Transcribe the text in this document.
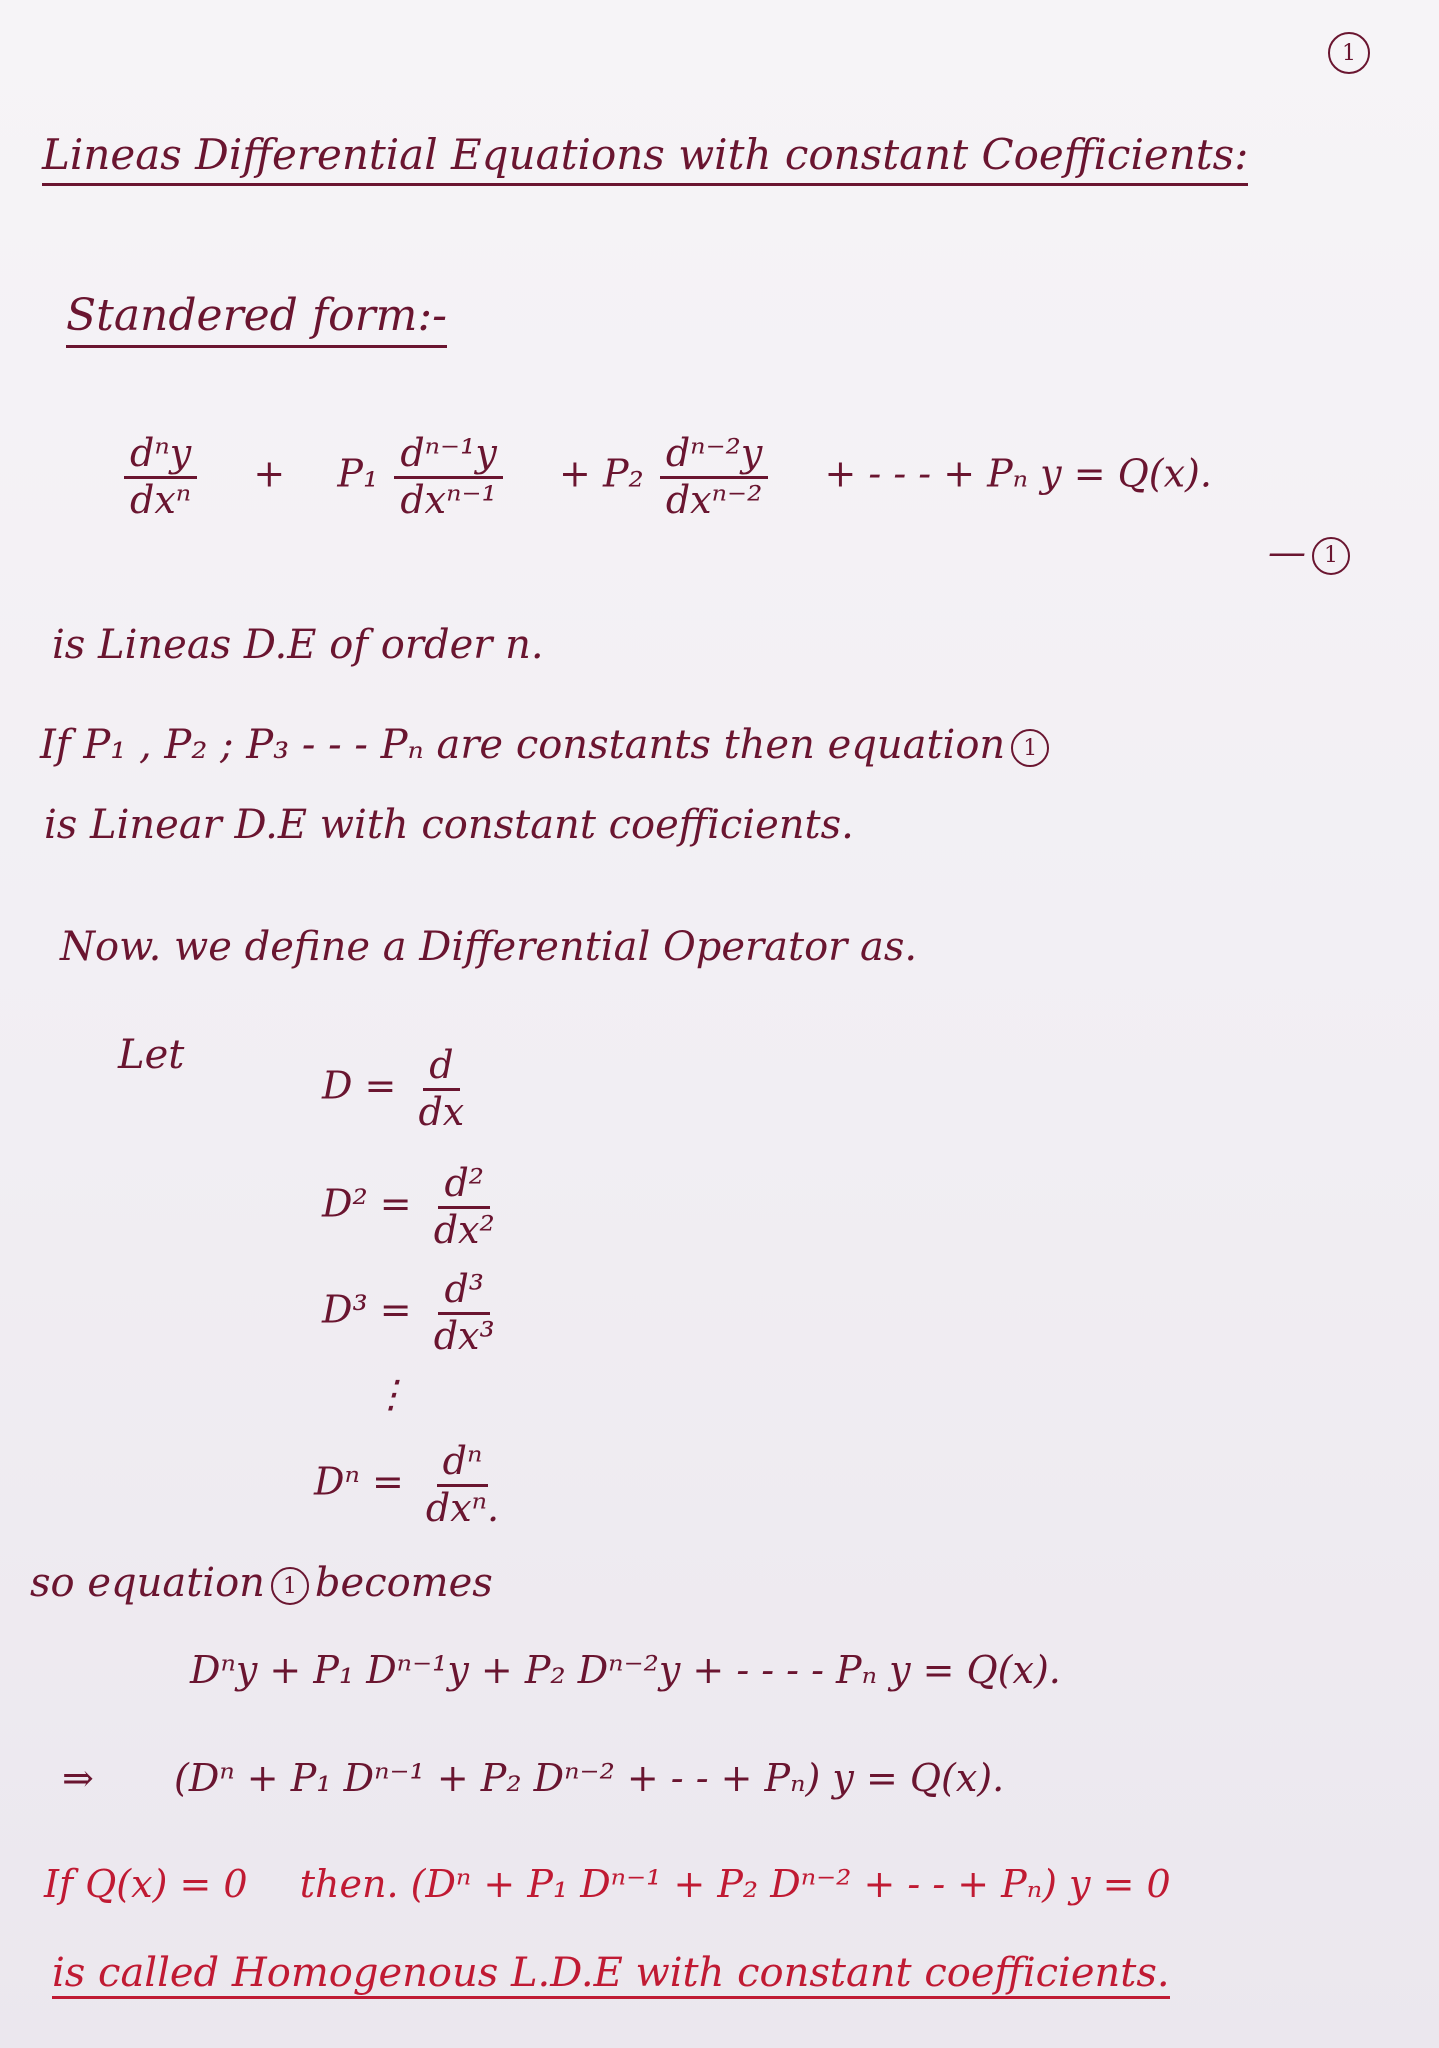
1
Lineas Differential Equations with constant Coefficients:
Standered form:-
$\frac{\text{dⁿy}}{\text{dxⁿ}} + P_1 \frac{\text{dⁿ⁻¹y}}{\text{dxⁿ⁻¹}} + P_2 \frac{\text{dⁿ⁻²y}}{\text{dxⁿ⁻²}}$ + - - - + Pₙ y = Q(x).
— 1
is Lineas D.E of order n.
If P₁ , P₂ ; P₃ - - - Pₙ are constants then equation 1
is Linear D.E with constant coefficients.
Now. we define a Differential Operator as.
Let
$D = \frac{d}{dx}$
$D^2 = \frac{\text{d²}}{\text{dx²}}$
$D^3 = \frac{\text{d³}}{\text{dx³}}$
⋮
$D^n = \frac{\text{dⁿ}}{\text{dxⁿ.}}$
so equation 1 becomes
Dⁿy + P₁ Dⁿ⁻¹y + P₂ Dⁿ⁻²y + - - - - Pₙ y = Q(x).
⇒ (Dⁿ + P₁ Dⁿ⁻¹ + P₂ Dⁿ⁻² + - - + Pₙ) y = Q(x).
If Q(x) = 0 then. (Dⁿ + P₁ Dⁿ⁻¹ + P₂ Dⁿ⁻² + - - + Pₙ) y = 0
is called Homogenous L.D.E with constant coefficients.
